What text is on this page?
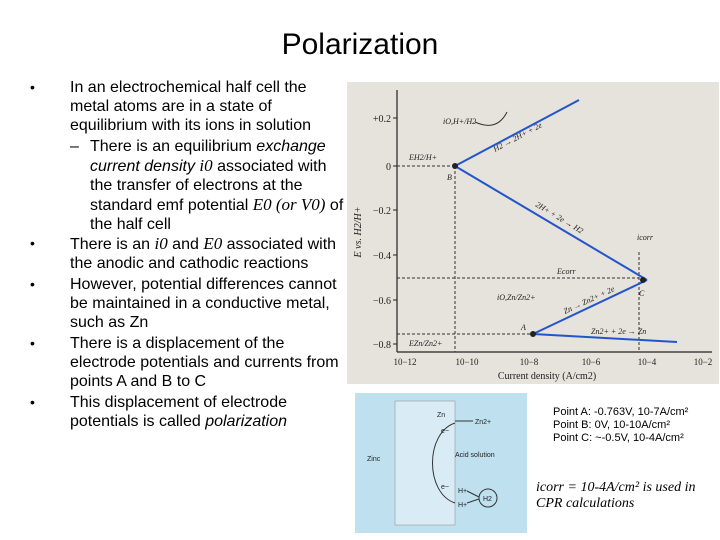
Polarization
• In an electrochemical half cell the metal atoms are in a state of equilibrium with its ions in solution
– There is an equilibrium exchange current density i0 associated with the transfer of electrons at the standard emf potential E0 (or V0) of the half cell
• There is an i0 and E0 associated with the anodic and cathodic reactions
• However, potential differences cannot be maintained in a conductive metal, such as Zn
• There is a displacement of the electrode potentials and currents from points A and B to C
• This displacement of electrode potentials is called polarization
+0.2
0
−0.2
−0.4
−0.6
−0.8
E vs. H2/H+
10−12	10−10	10−8	10−6	10−4	10−2
Current density (A/cm2)
iO,H+/H2
EH2/H+
H2 → 2H+ + 2e
2H+ + 2e → H2
B
C
A
icorr
Ecorr
iO,Zn/Zn2+	Zn → Zn2+ + 2e
Zn2+ + 2e → Zn
EZn/Zn2+
Zn
Zn2+
Acid solution
Zinc
e−
e−
H+
H+
H2
Point A: -0.763V, 10-7A/cm²
Point B: 0V, 10-10A/cm²
Point C: ~-0.5V, 10-4A/cm²
icorr = 10-4A/cm² is used in
CPR calculations
